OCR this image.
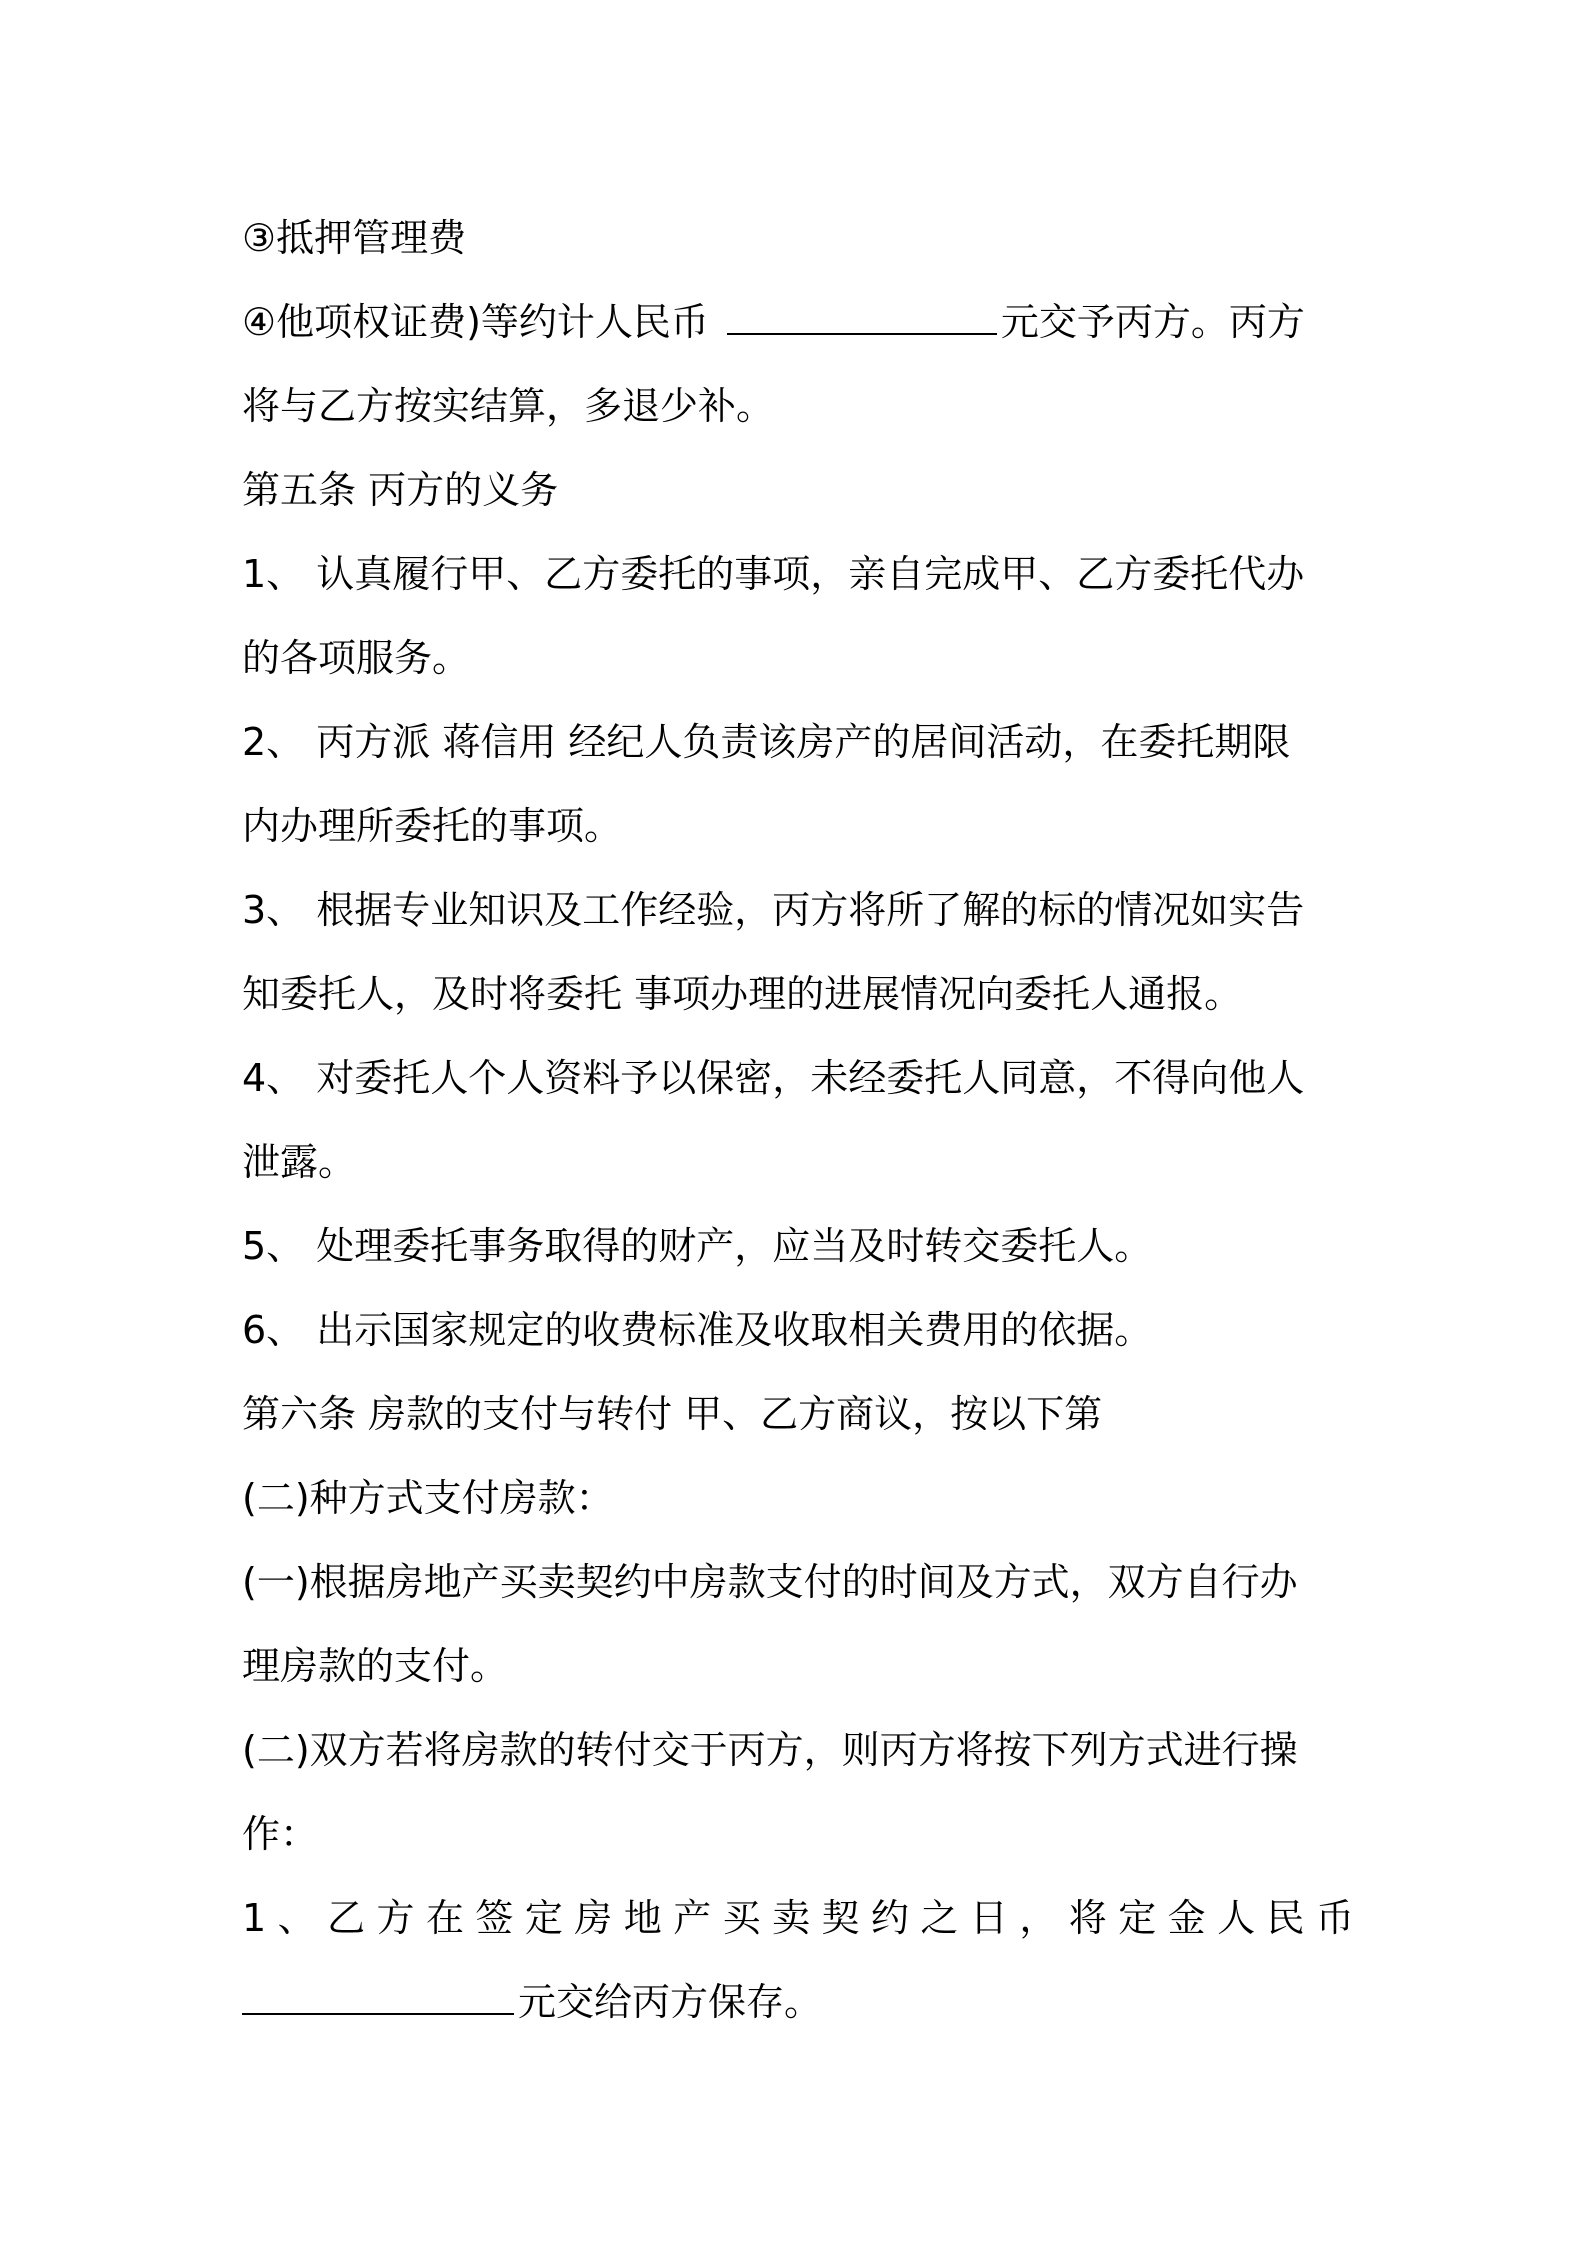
③抵押管理费
④他项权证费)等约计人民币	元交予丙方。丙方
将与乙方按实结算，多退少补。
第五条 丙方的义务
1、 认真履行甲、乙方委托的事项，亲自完成甲、乙方委托代办
的各项服务。
2、 丙方派 蒋信用 经纪人负责该房产的居间活动，在委托期限
内办理所委托的事项。
3、 根据专业知识及工作经验，丙方将所了解的标的情况如实告
知委托人，及时将委托 事项办理的进展情况向委托人通报。
4、 对委托人个人资料予以保密，未经委托人同意，不得向他人
泄露。
5、 处理委托事务取得的财产，应当及时转交委托人。
6、 出示国家规定的收费标准及收取相关费用的依据。
第六条 房款的支付与转付 甲、乙方商议，按以下第
(二)种方式支付房款：
(一)根据房地产买卖契约中房款支付的时间及方式，双方自行办
理房款的支付。
(二)双方若将房款的转付交于丙方，则丙方将按下列方式进行操
作：
1、乙方在签定房地产买卖契约之日，将定金人民币
元交给丙方保存。
